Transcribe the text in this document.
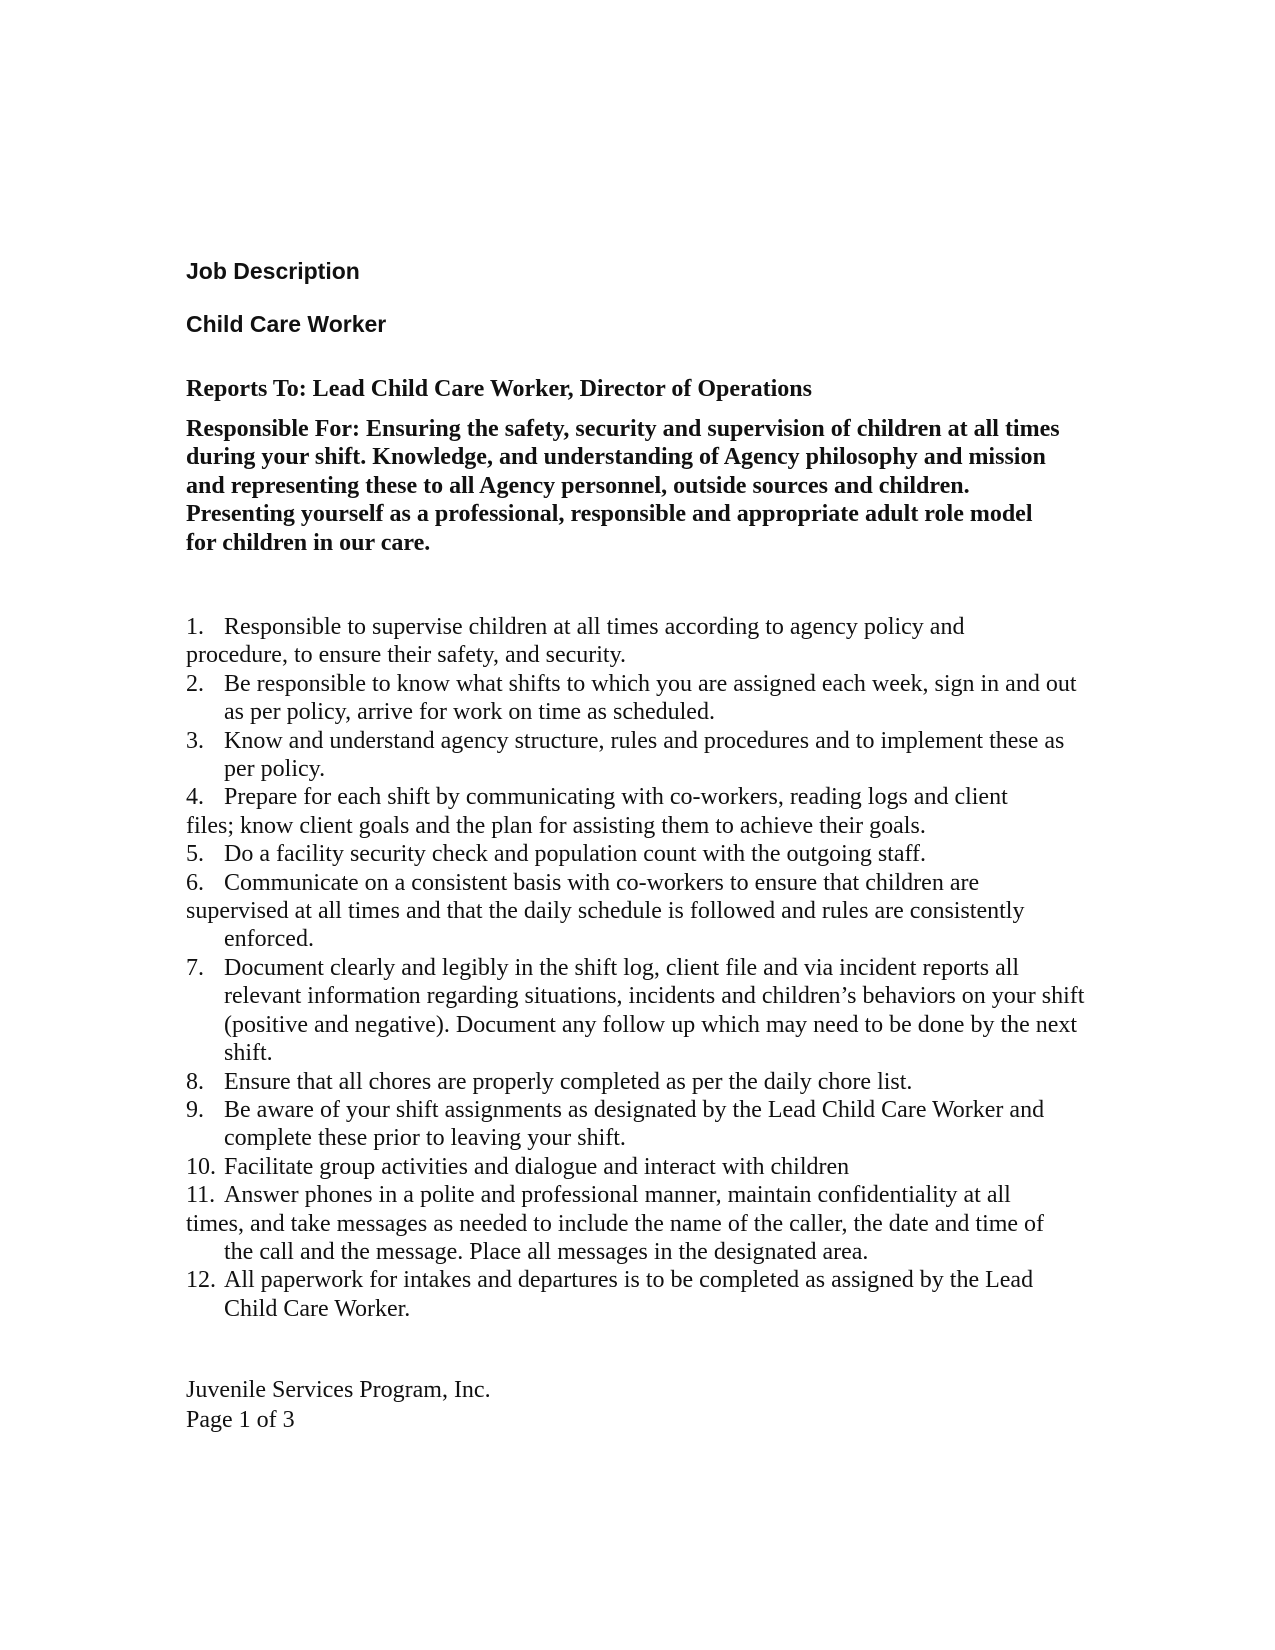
Job Description
Child Care Worker

Reports To: Lead Child Care Worker, Director of Operations

Responsible For: Ensuring the safety, security and supervision of children at all times during your shift. Knowledge, and understanding of Agency philosophy and mission and representing these to all Agency personnel, outside sources and children. Presenting yourself as a professional, responsible and appropriate adult role model for children in our care.

1. Responsible to supervise children at all times according to agency policy and
procedure, to ensure their safety, and security.
2. Be responsible to know what shifts to which you are assigned each week, sign in and out as per policy, arrive for work on time as scheduled.
3. Know and understand agency structure, rules and procedures and to implement these as per policy.
4. Prepare for each shift by communicating with co-workers, reading logs and client
files; know client goals and the plan for assisting them to achieve their goals.
5. Do a facility security check and population count with the outgoing staff.
6. Communicate on a consistent basis with co-workers to ensure that children are
supervised at all times and that the daily schedule is followed and rules are consistently
enforced.
7. Document clearly and legibly in the shift log, client file and via incident reports all relevant information regarding situations, incidents and children’s behaviors on your shift (positive and negative). Document any follow up which may need to be done by the next shift.
8. Ensure that all chores are properly completed as per the daily chore list.
9. Be aware of your shift assignments as designated by the Lead Child Care Worker and complete these prior to leaving your shift.
10. Facilitate group activities and dialogue and interact with children
11. Answer phones in a polite and professional manner, maintain confidentiality at all
times, and take messages as needed to include the name of the caller, the date and time of
the call and the message. Place all messages in the designated area.
12. All paperwork for intakes and departures is to be completed as assigned by the Lead Child Care Worker.

Juvenile Services Program, Inc.

Page 1 of 3
